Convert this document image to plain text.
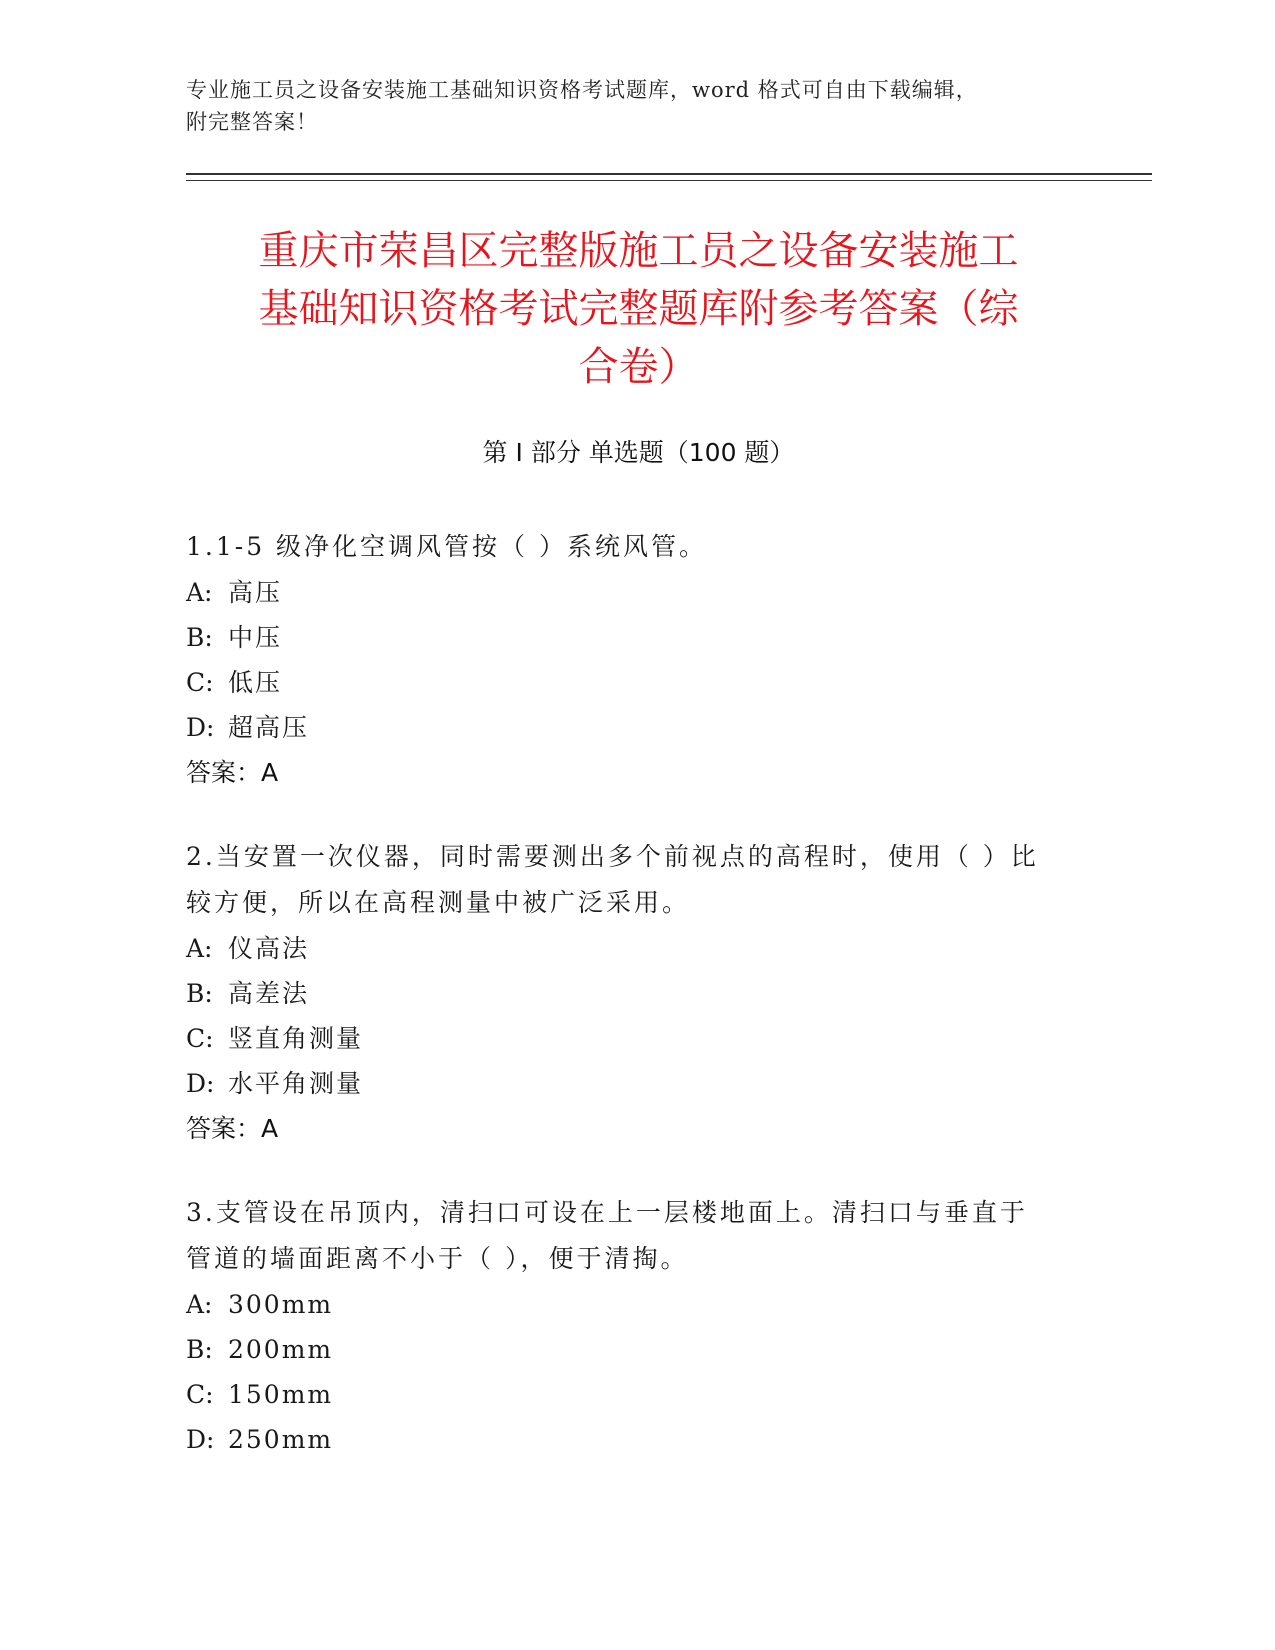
专业施工员之设备安装施工基础知识资格考试题库，word 格式可自由下载编辑，
附完整答案！
重庆市荣昌区完整版施工员之设备安装施工
基础知识资格考试完整题库附参考答案（综
合卷）
第 I 部分 单选题（100 题）
1.1-5 级净化空调风管按（ ）系统风管。
A: 高压
B: 中压
C: 低压
D: 超高压
答案：A
2.当安置一次仪器，同时需要测出多个前视点的高程时，使用（ ）比
较方便，所以在高程测量中被广泛采用。
A: 仪高法
B: 高差法
C: 竖直角测量
D: 水平角测量
答案：A
3.支管设在吊顶内，清扫口可设在上一层楼地面上。清扫口与垂直于
管道的墙面距离不小于（ ），便于清掏。
A: 300mm
B: 200mm
C: 150mm
D: 250mm
